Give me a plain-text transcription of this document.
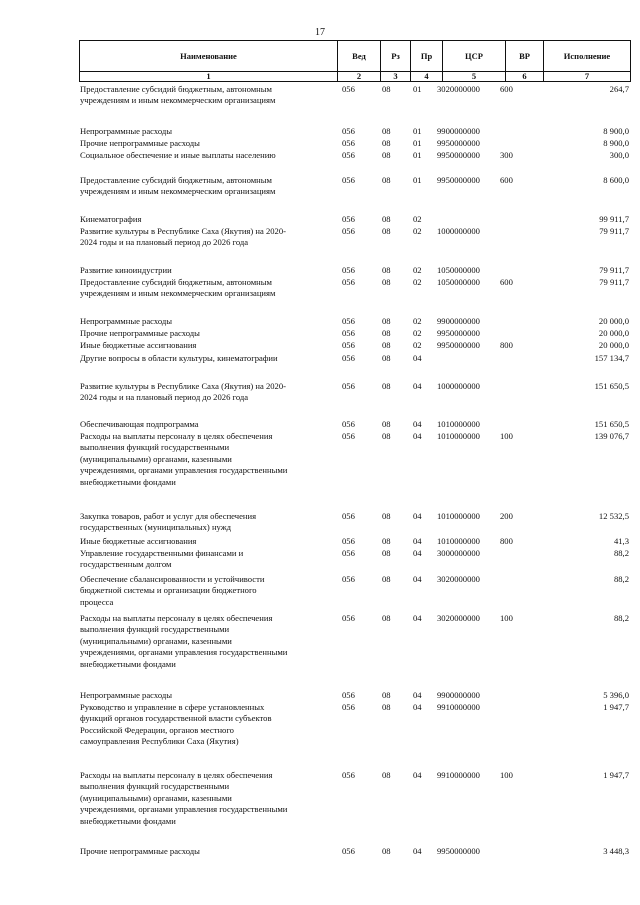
17
Наименование	Вед	Рз	Пр	ЦСР	ВР	Исполнение
1	2	3	4	5	6	7
Предоставление субсидий бюджетным, автономным
учреждениям и иным некоммерческим организациям
056	08	01 3020000000 600	264,7
Непрограммные расходы	056	08	01 9900000000	8 900,0
Прочие непрограммные расходы	056	08	01 9950000000	8 900,0
Социальное обеспечение и иные выплаты населению	056	08	01 9950000000 300	300,0
Предоставление субсидий бюджетным, автономным
учреждениям и иным некоммерческим организациям
056	08	01 9950000000 600	8 600,0
Кинематография	056	08	02	99 911,7
Развитие культуры в Республике Саха (Якутия) на 2020-
2024 годы и на плановый период до 2026 года
056	08	02 1000000000	79 911,7
Развитие киноиндустрии	056	08	02 1050000000	79 911,7
Предоставление субсидий бюджетным, автономным
учреждениям и иным некоммерческим организациям
056	08	02 1050000000 600	79 911,7
Непрограммные расходы	056	08	02 9900000000	20 000,0
Прочие непрограммные расходы	056	08	02 9950000000	20 000,0
Иные бюджетные ассигнования	056	08	02 9950000000 800	20 000,0
Другие вопросы в области культуры, кинематографии	056	08	04	157 134,7
Развитие культуры в Республике Саха (Якутия) на 2020-
2024 годы и на плановый период до 2026 года
056	08	04 1000000000	151 650,5
Обеспечивающая подпрограмма	056	08	04 1010000000	151 650,5
Расходы на выплаты персоналу в целях обеспечения
выполнения функций государственными
(муниципальными) органами, казенными
учреждениями, органами управления государственными
внебюджетными фондами
056	08	04 1010000000 100	139 076,7
Закупка товаров, работ и услуг для обеспечения
государственных (муниципальных) нужд
056	08	04 1010000000 200	12 532,5
Иные бюджетные ассигнования	056	08	04 1010000000 800	41,3
Управление государственными финансами и
государственным долгом
056	08	04 3000000000	88,2
Обеспечение сбалансированности и устойчивости
бюджетной системы и организации бюджетного
процесса
056	08	04 3020000000	88,2
Расходы на выплаты персоналу в целях обеспечения
выполнения функций государственными
(муниципальными) органами, казенными
учреждениями, органами управления государственными
внебюджетными фондами
056	08	04 3020000000 100	88,2
Непрограммные расходы	056	08	04 9900000000	5 396,0
Руководство и управление в сфере установленных
функций органов государственной власти субъектов
Российской Федерации, органов местного
самоуправления Республики Саха (Якутия)
056	08	04 9910000000	1 947,7
Расходы на выплаты персоналу в целях обеспечения
выполнения функций государственными
(муниципальными) органами, казенными
учреждениями, органами управления государственными
внебюджетными фондами
056	08	04 9910000000 100	1 947,7
Прочие непрограммные расходы	056	08	04 9950000000	3 448,3
